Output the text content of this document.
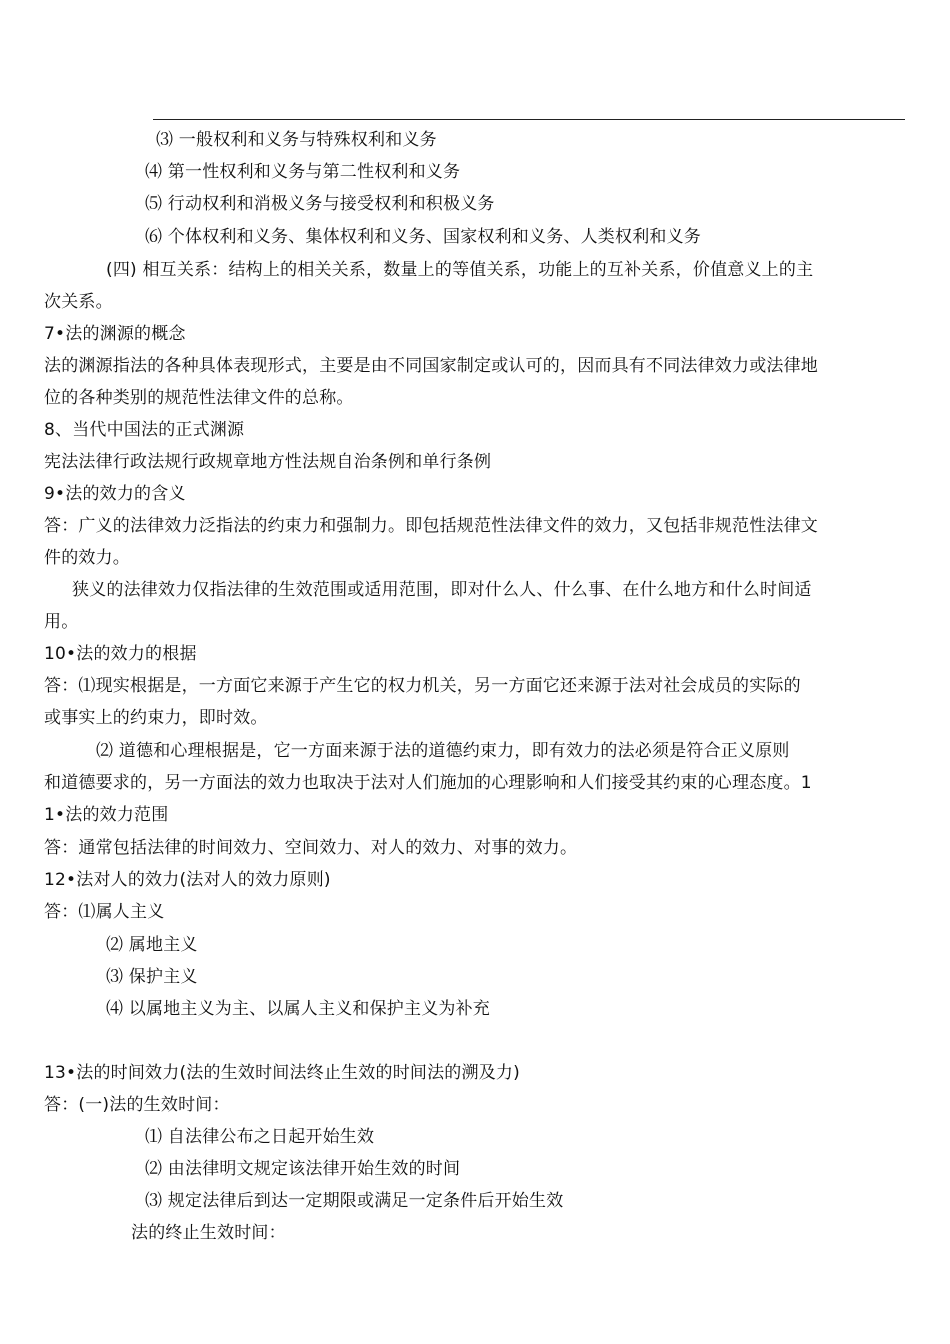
⑶ 一般权利和义务与特殊权利和义务
⑷ 第一性权利和义务与第二性权利和义务
⑸ 行动权利和消极义务与接受权利和积极义务
⑹ 个体权利和义务、集体权利和义务、国家权利和义务、人类权利和义务
(四) 相互关系：结构上的相关关系，数量上的等值关系，功能上的互补关系，价值意义上的主
次关系。
7•法的渊源的概念
法的渊源指法的各种具体表现形式，主要是由不同国家制定或认可的，因而具有不同法律效力或法律地
位的各种类别的规范性法律文件的总称。
8、当代中国法的正式渊源
宪法法律行政法规行政规章地方性法规自治条例和单行条例
9•法的效力的含义
答：广义的法律效力泛指法的约束力和强制力。即包括规范性法律文件的效力，又包括非规范性法律文
件的效力。
狭义的法律效力仅指法律的生效范围或适用范围，即对什么人、什么事、在什么地方和什么时间适
用。
10•法的效力的根据
答：⑴现实根据是，一方面它来源于产生它的权力机关，另一方面它还来源于法对社会成员的实际的
或事实上的约束力，即时效。
⑵ 道德和心理根据是，它一方面来源于法的道德约束力，即有效力的法必须是符合正义原则
和道德要求的，另一方面法的效力也取决于法对人们施加的心理影响和人们接受其约束的心理态度。1
1•法的效力范围
答：通常包括法律的时间效力、空间效力、对人的效力、对事的效力。
12•法对人的效力(法对人的效力原则)
答：⑴属人主义
⑵ 属地主义
⑶ 保护主义
⑷ 以属地主义为主、以属人主义和保护主义为补充
13•法的时间效力(法的生效时间法终止生效的时间法的溯及力)
答：(一)法的生效时间：
⑴ 自法律公布之日起开始生效
⑵ 由法律明文规定该法律开始生效的时间
⑶ 规定法律后到达一定期限或满足一定条件后开始生效
法的终止生效时间：
